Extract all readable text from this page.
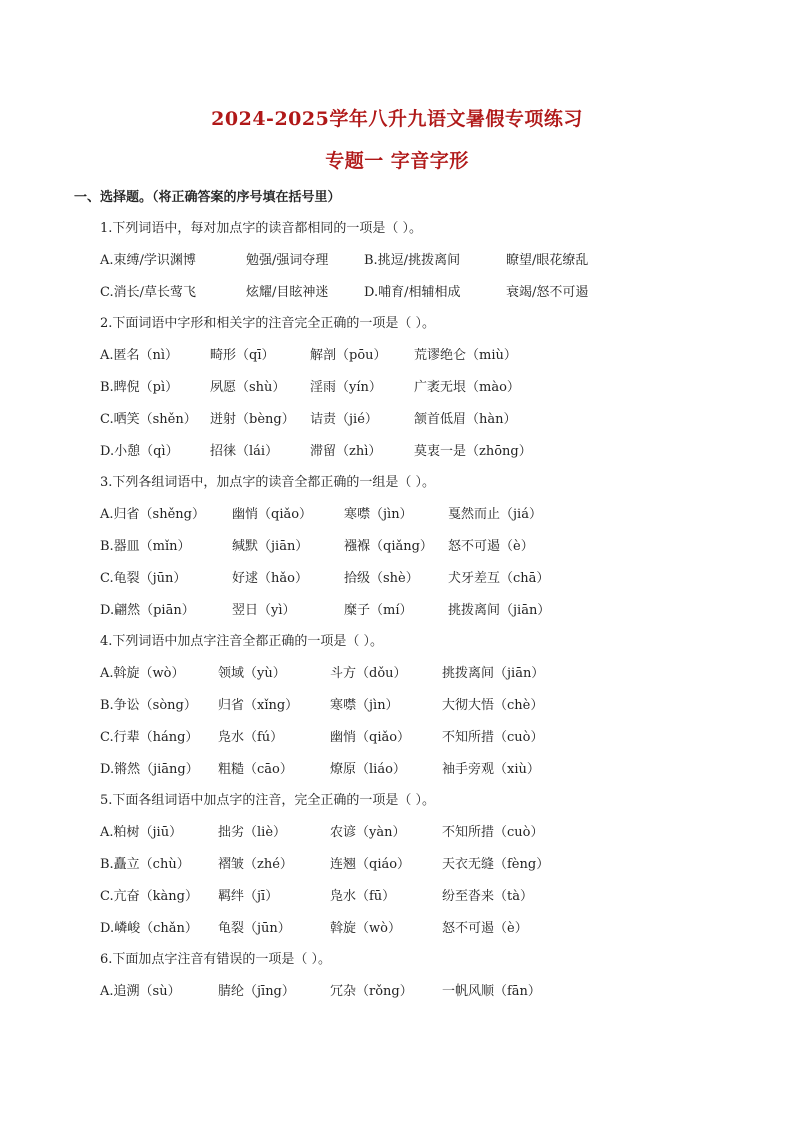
2024-2025学年八升九语文暑假专项练习
专题一 字音字形
一、选择题。（将正确答案的序号填在括号里）
1.下列词语中，每对加点字的读音都相同的一项是（ ）。
A.束缚/学识渊博	勉强/强词夺理	B.挑逗/挑拨离间	瞭望/眼花缭乱
C.消长/草长莺飞	炫耀/目眩神迷	D.哺育/相辅相成	衰竭/怒不可遏
2.下面词语中字形和相关字的注音完全正确的一项是（ ）。
A.匿名（nì） 畸形（qī）	解剖（pōu） 荒谬绝仑（miù）
B.睥倪（pì） 夙愿（shù） 淫雨（yín） 广袤无垠（mào）
C.哂笑（shěn） 迸射（bèng） 诘责（jié）	颔首低眉（hàn）
D.小憩（qì） 招徕（lái） 滞留（zhì）	莫衷一是（zhōng）
3.下列各组词语中，加点字的读音全都正确的一组是（ ）。
A.归省（shěng） 幽悄（qiǎo） 寒噤（jìn）	戛然而止（jiá）
B.器皿（mǐn）	缄默（jiān）	襁褓（qiǎng） 怒不可遏（è）
C.龟裂（jūn）	好逑（hǎo）	拾级（shè） 犬牙差互（chā）
D.翩然（piān）	翌日（yì）	糜子（mí）	挑拨离间（jiān）
4.下列词语中加点字注音全都正确的一项是（ ）。
A.斡旋（wò）	领域（yù）	斗方（dǒu）	挑拨离间（jiān）
B.争讼（sòng） 归省（xǐng） 寒噤（jìn）	大彻大悟（chè）
C.行辈（háng） 凫水（fú）	幽悄（qiǎo） 不知所措（cuò）
D.锵然（jiāng） 粗糙（cāo）	燎原（liáo）	袖手旁观（xiù）
5.下面各组词语中加点字的注音，完全正确的一项是（ ）。
A.粕树（jiū）	拙劣（liè）	农谚（yàn）	不知所措（cuò）
B.矗立（chù） 褶皱（zhé）	连翘（qiáo） 天衣无缝（fèng）
C.亢奋（kàng） 羁绊（jī）	凫水（fū）	纷至沓来（tà）
D.嶙峻（chǎn） 龟裂（jūn）	斡旋（wò）	怒不可遏（è）
6.下面加点字注音有错误的一项是（ ）。
A.追溯（sù）	腈纶（jīng）	冗杂（rǒng） 一帆风顺（fān）
